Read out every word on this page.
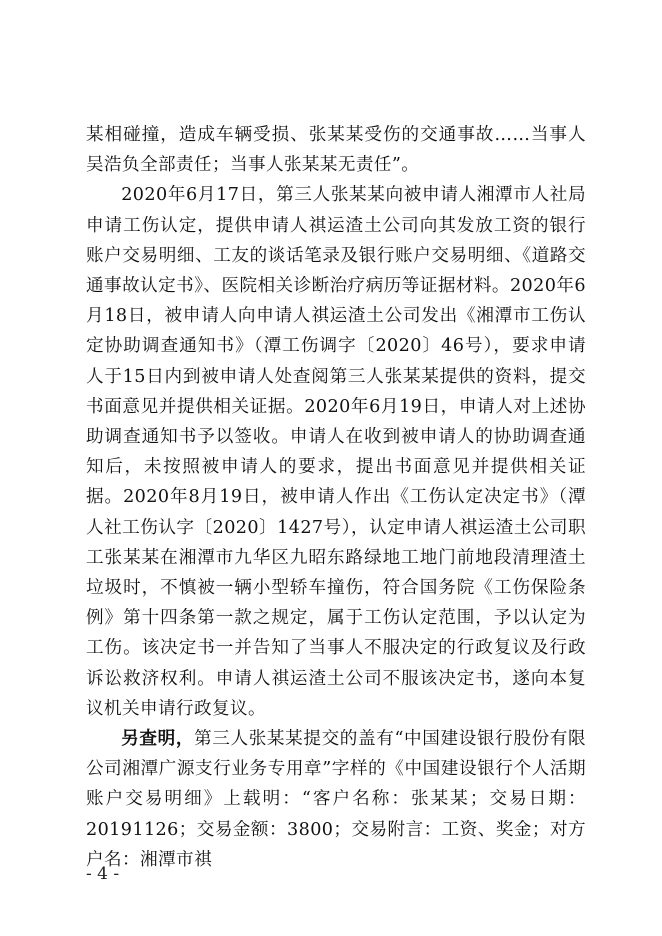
某相碰撞，造成车辆受损、张某某受伤的交通事故……当事人吴浩负全部责任；当事人张某某无责任”。

2020年6月17日，第三人张某某向被申请人湘潭市人社局申请工伤认定，提供申请人祺运渣土公司向其发放工资的银行账户交易明细、工友的谈话笔录及银行账户交易明细、《道路交通事故认定书》、医院相关诊断治疗病历等证据材料。2020年6月18日，被申请人向申请人祺运渣土公司发出《湘潭市工伤认定协助调查通知书》（潭工伤调字〔2020〕46号），要求申请人于15日内到被申请人处查阅第三人张某某提供的资料，提交书面意见并提供相关证据。2020年6月19日，申请人对上述协助调查通知书予以签收。申请人在收到被申请人的协助调查通知后，未按照被申请人的要求，提出书面意见并提供相关证据。2020年8月19日，被申请人作出《工伤认定决定书》（潭人社工伤认字〔2020〕1427号），认定申请人祺运渣土公司职工张某某在湘潭市九华区九昭东路绿地工地门前地段清理渣土垃圾时，不慎被一辆小型轿车撞伤，符合国务院《工伤保险条例》第十四条第一款之规定，属于工伤认定范围，予以认定为工伤。该决定书一并告知了当事人不服决定的行政复议及行政诉讼救济权利。申请人祺运渣土公司不服该决定书，遂向本复议机关申请行政复议。

另查明，第三人张某某提交的盖有“中国建设银行股份有限公司湘潭广源支行业务专用章”字样的《中国建设银行个人活期账户交易明细》上载明：“客户名称：张某某；交易日期：20191126；交易金额：3800；交易附言：工资、奖金；对方户名：湘潭市祺

- 4 -
